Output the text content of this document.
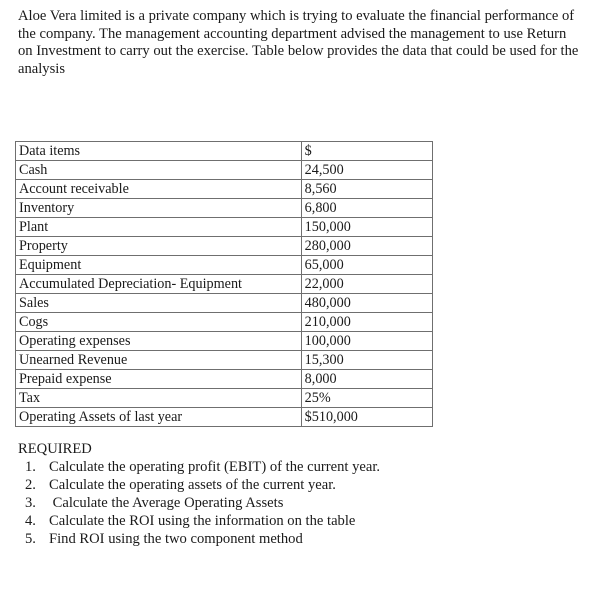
Aloe Vera limited is a private company which is trying to evaluate the financial performance of the company. The management accounting department advised the management to use Return on Investment to carry out the exercise. Table below provides the data that could be used for the analysis

Data items	$
Cash	24,500
Account receivable	8,560
Inventory	6,800
Plant	150,000
Property	280,000
Equipment	65,000
Accumulated Depreciation- Equipment	22,000
Sales	480,000
Cogs	210,000
Operating expenses	100,000
Unearned Revenue	15,300
Prepaid expense	8,000
Tax	25%
Operating Assets of last year	$510,000

REQUIRED

1. Calculate the operating profit (EBIT) of the current year.
2. Calculate the operating assets of the current year.
3. Calculate the Average Operating Assets
4. Calculate the ROI using the information on the table
5. Find ROI using the two component method
